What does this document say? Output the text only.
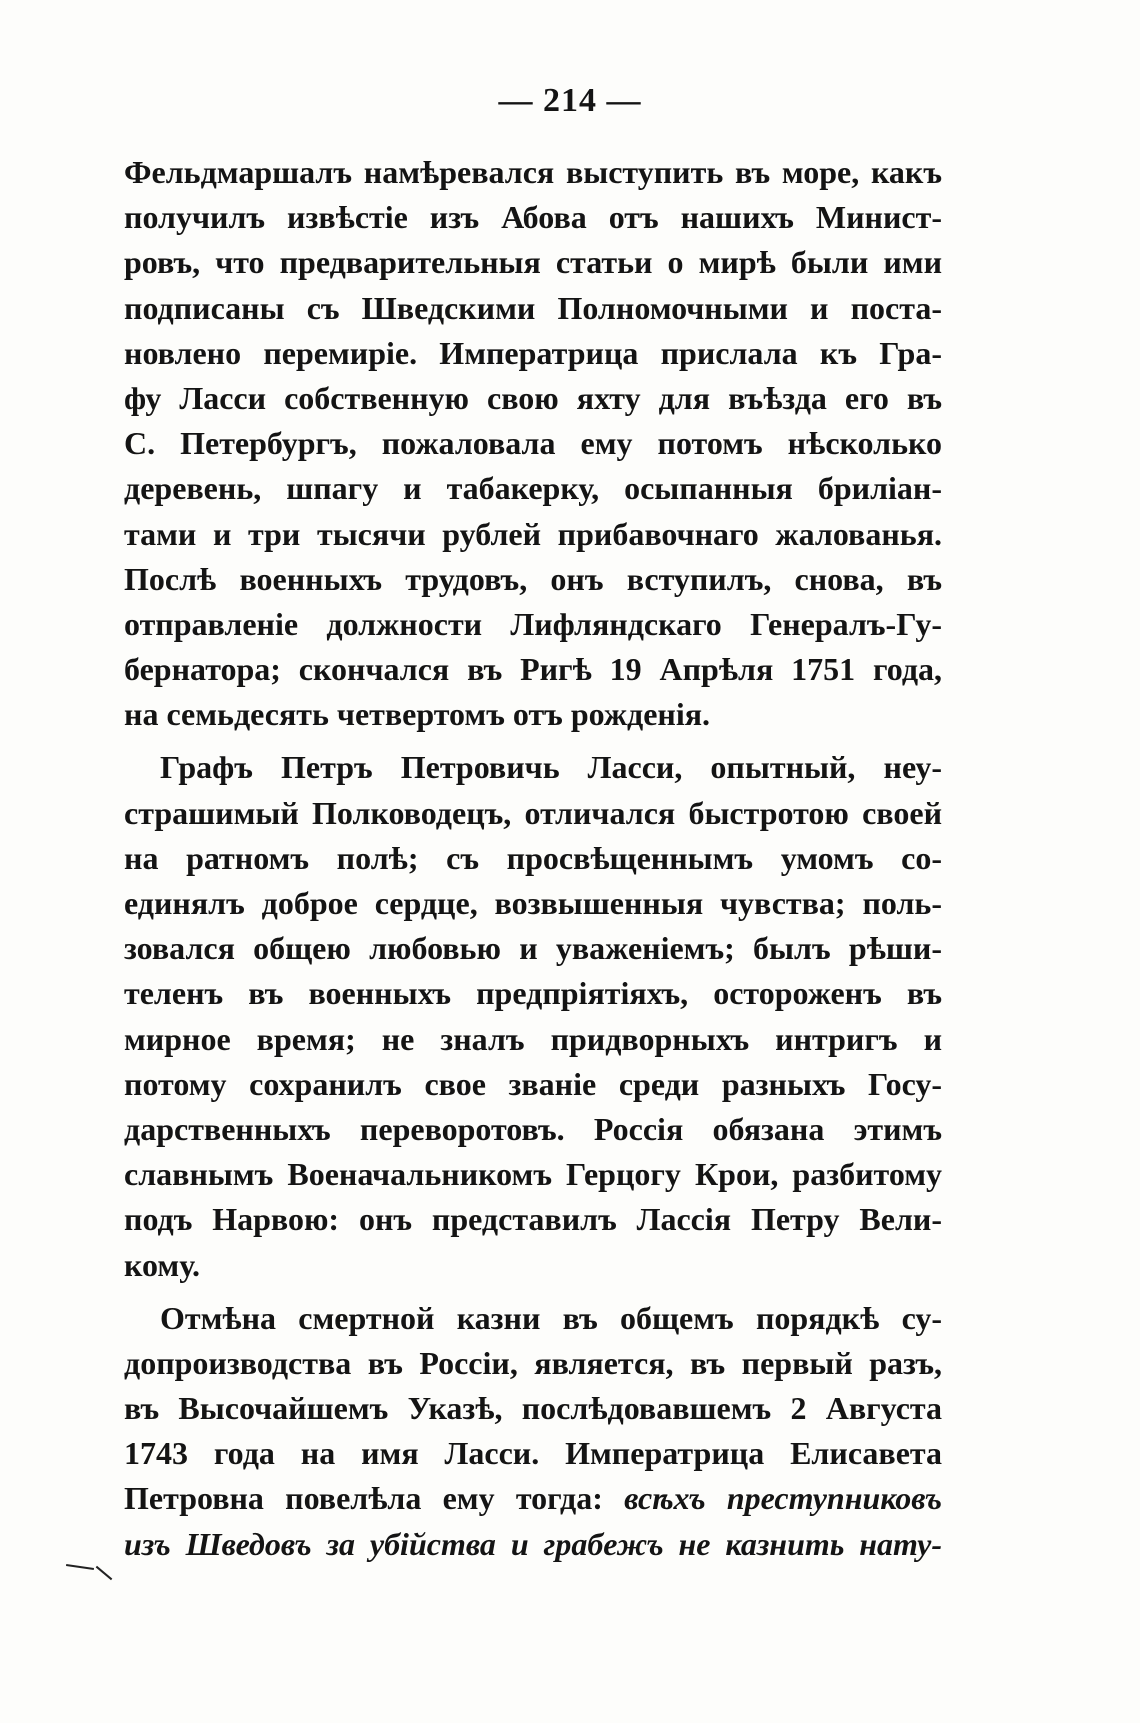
— 214 —
Фельдмаршалъ намѣревался выступить въ море, какъ
получилъ извѣстіе изъ Абова отъ нашихъ Минист-
ровъ, что предварительныя статьи о мирѣ были ими
подписаны съ Шведскими Полномочными и поста-
новлено перемиріе. Императрица прислала къ Гра-
фу Ласси собственную свою яхту для въѣзда его въ
С. Петербургъ, пожаловала ему потомъ нѣсколько
деревень, шпагу и табакерку, осыпанныя бриліан-
тами и три тысячи рублей прибавочнаго жалованья.
Послѣ военныхъ трудовъ, онъ вступилъ, снова, въ
отправленіе должности Лифляндскаго Генералъ-Гу-
бернатора; скончался въ Ригѣ 19 Апрѣля 1751 года,
на семьдесять четвертомъ отъ рожденія.
Графъ Петръ Петровичь Ласси, опытный, неу-
страшимый Полководецъ, отличался быстротою своей
на ратномъ полѣ; съ просвѣщеннымъ умомъ со-
единялъ доброе сердце, возвышенныя чувства; поль-
зовался общею любовью и уваженіемъ; былъ рѣши-
теленъ въ военныхъ предпріятіяхъ, остороженъ въ
мирное время; не зналъ придворныхъ интригъ и
потому сохранилъ свое званіе среди разныхъ Госу-
дарственныхъ переворотовъ. Россія обязана этимъ
славнымъ Военачальникомъ Герцогу Крои, разбитому
подъ Нарвою: онъ представилъ Лассія Петру Вели-
кому.
Отмѣна смертной казни въ общемъ порядкѣ су-
допроизводства въ Россіи, является, въ первый разъ,
въ Высочайшемъ Указѣ, послѣдовавшемъ 2 Августа
1743 года на имя Ласси. Императрица Елисавета
Петровна повелѣла ему тогда: всѣхъ преступниковъ
изъ Шведовъ за убійства и грабежъ не казнить нату-
